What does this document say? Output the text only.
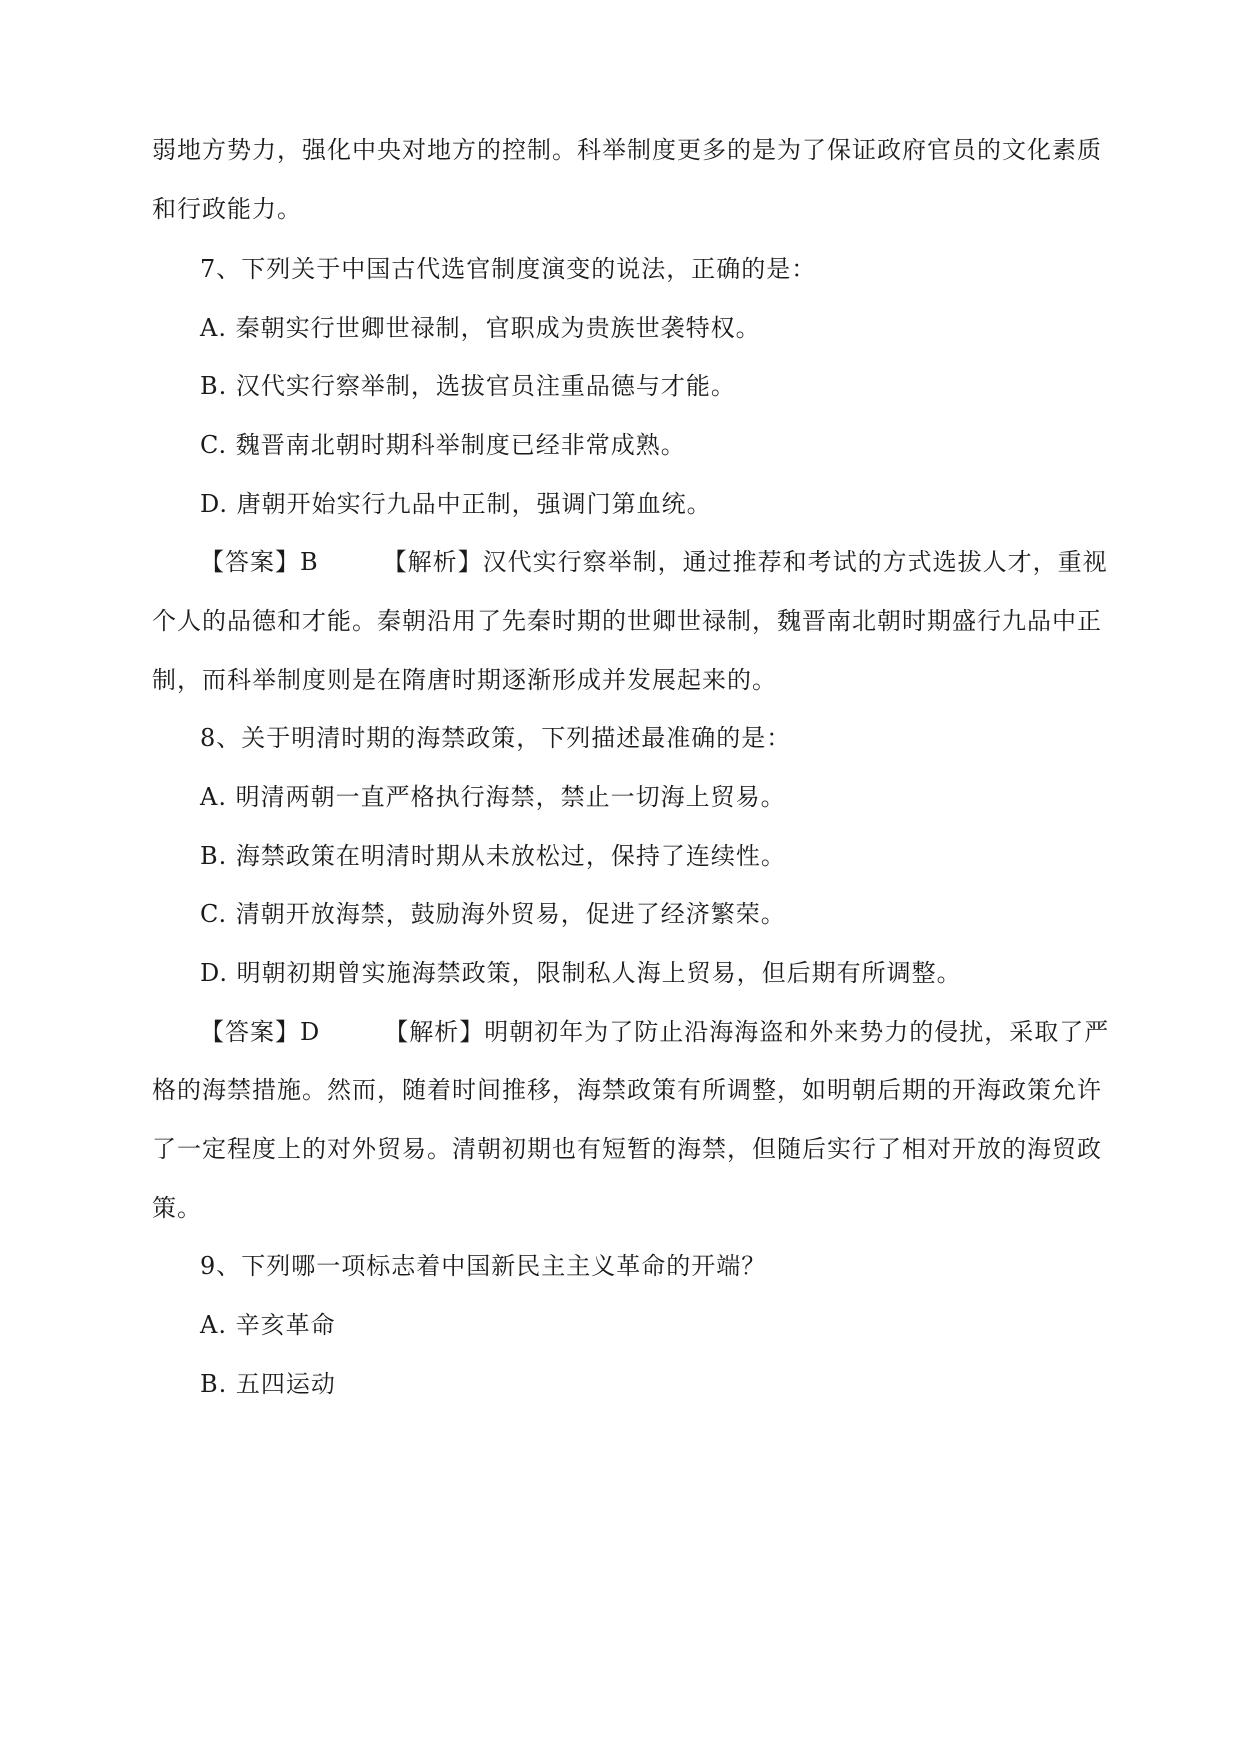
弱地方势力，强化中央对地方的控制。科举制度更多的是为了保证政府官员的文化素质
和行政能力。
7、下列关于中国古代选官制度演变的说法，正确的是：
A. 秦朝实行世卿世禄制，官职成为贵族世袭特权。
B. 汉代实行察举制，选拔官员注重品德与才能。
C. 魏晋南北朝时期科举制度已经非常成熟。
D. 唐朝开始实行九品中正制，强调门第血统。
【答案】B	【解析】汉代实行察举制，通过推荐和考试的方式选拔人才，重视
个人的品德和才能。秦朝沿用了先秦时期的世卿世禄制，魏晋南北朝时期盛行九品中正
制，而科举制度则是在隋唐时期逐渐形成并发展起来的。
8、关于明清时期的海禁政策，下列描述最准确的是：
A. 明清两朝一直严格执行海禁，禁止一切海上贸易。
B. 海禁政策在明清时期从未放松过，保持了连续性。
C. 清朝开放海禁，鼓励海外贸易，促进了经济繁荣。
D. 明朝初期曾实施海禁政策，限制私人海上贸易，但后期有所调整。
【答案】D	【解析】明朝初年为了防止沿海海盗和外来势力的侵扰，采取了严
格的海禁措施。然而，随着时间推移，海禁政策有所调整，如明朝后期的开海政策允许
了一定程度上的对外贸易。清朝初期也有短暂的海禁，但随后实行了相对开放的海贸政
策。
9、下列哪一项标志着中国新民主主义革命的开端？
A. 辛亥革命
B. 五四运动
